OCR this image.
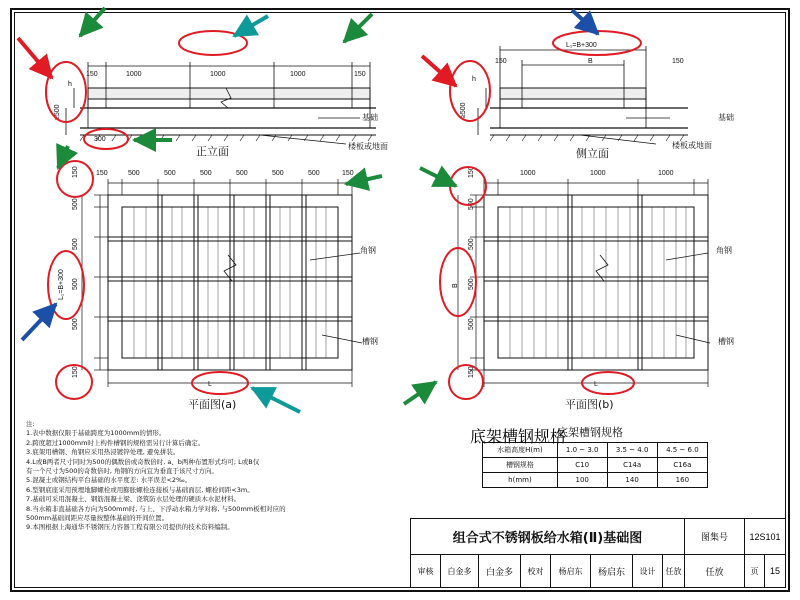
150	1000	1000	1000	150
h
≥500	基础
楼板或地面
300
正立面
L₁=B+300
150	B	150
h
≥500	基础
楼板或地面
侧立面
150	500	500	500	500	500	500	150
150
500
500
500
500
150
L₁=B+300
L
角钢
槽钢
平面图(a)
1000	1000	1000
150
500
500
500
500
150
B
L
角钢
槽钢
平面图(b)
注:
1.表中数据仅限于基础跨度为1000mm的情形。
2.跨度超过1000mm时上构件槽钢的规格需另行计算后确定。
3.底架用槽钢、角钢应采用热浸镀锌处理, 避免拼装。
4.L或B两者尺寸同时为500的偶数倍或奇数倍时, a、b两种布置形式均可; L或B仅
有一个尺寸为500的奇数倍时, 角钢的方向宜为垂直于该尺寸方向。
5.混凝土或钢结构平台基础的水平度差: 水平误差<2‰。
6.型钢底座采用预埋地脚螺栓或用膨胀螺栓连接板与基础面层, 螺栓间距<3m。
7.基础可采用混凝土、钢筋混凝土梁、浇筑防水层处理的硬质木水泥材料。
8.当水箱非直基础各方向为500mm时, 与上、下浮动水箱力学对称, 与500mm板相对应的
500mm基础间距应尽量按整体基础的开间位置。
9.本图根据上海通华不锈钢压力容器工程有限公司提供的技术资料编制。
底架槽钢规格
底架槽钢规格
水箱高度H(m)	1.0 ~ 3.0	3.5 ~ 4.0	4.5 ~ 6.0
槽钢规格	C10	C14a	C16a
h(mm)	100	140	160
组合式不锈钢板给水箱(Ⅱ)基础图	图集号 12S101
审核 白金多 白金多 校对 杨启东 杨启东 设计 任放	任放	页 15
